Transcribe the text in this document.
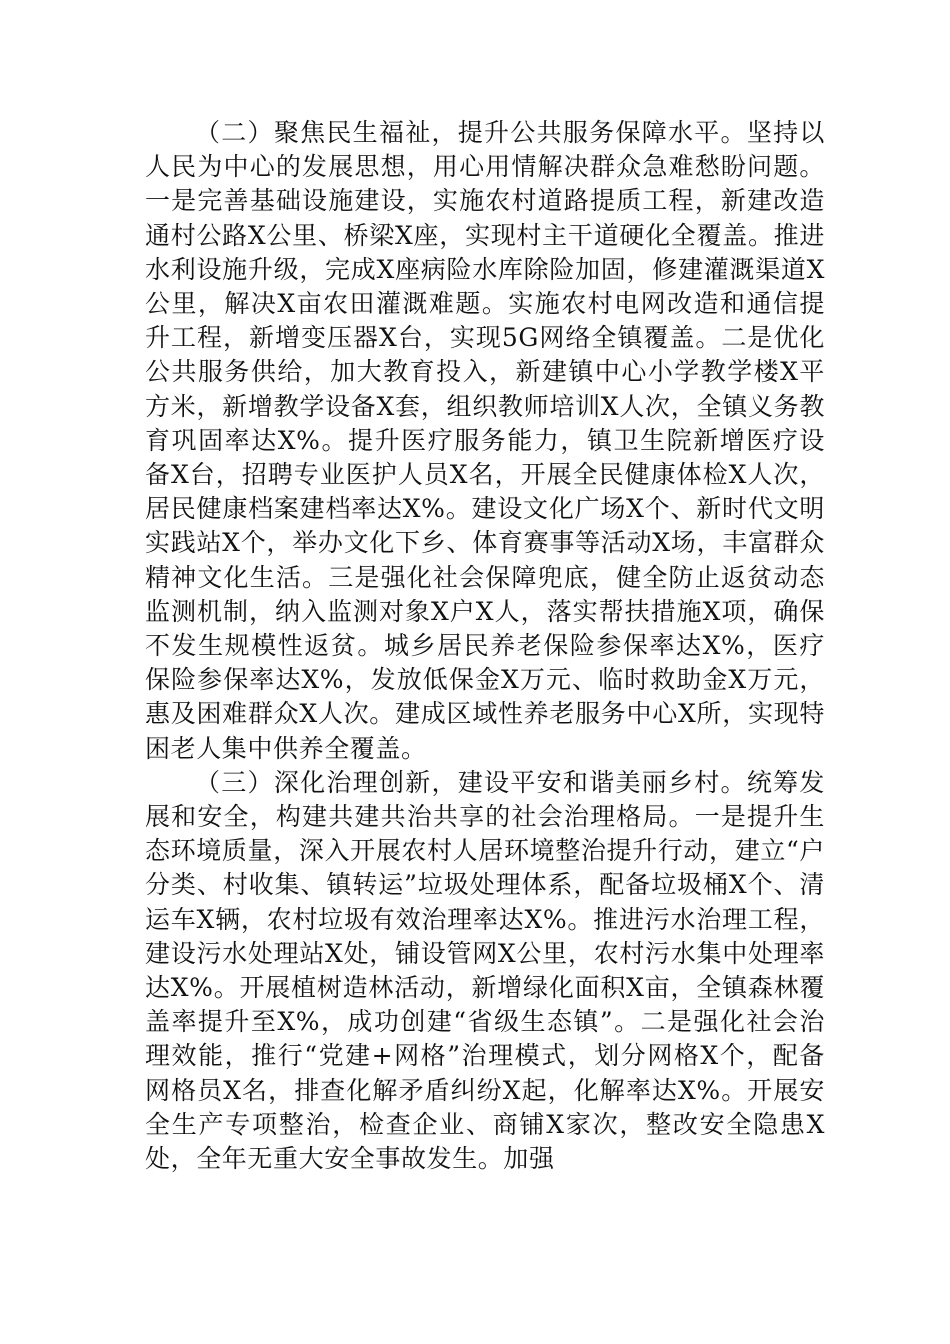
（二）聚焦民生福祉，提升公共服务保障水平。坚持以人民为中心的发展思想，用心用情解决群众急难愁盼问题。一是完善基础设施建设，实施农村道路提质工程，新建改造通村公路X公里、桥梁X座，实现村主干道硬化全覆盖。推进水利设施升级，完成X座病险水库除险加固，修建灌溉渠道X公里，解决X亩农田灌溉难题。实施农村电网改造和通信提升工程，新增变压器X台，实现5G网络全镇覆盖。二是优化公共服务供给，加大教育投入，新建镇中心小学教学楼X平方米，新增教学设备X套，组织教师培训X人次，全镇义务教育巩固率达X%。提升医疗服务能力，镇卫生院新增医疗设备X台，招聘专业医护人员X名，开展全民健康体检X人次，居民健康档案建档率达X%。建设文化广场X个、新时代文明实践站X个，举办文化下乡、体育赛事等活动X场，丰富群众精神文化生活。三是强化社会保障兜底，健全防止返贫动态监测机制，纳入监测对象X户X人，落实帮扶措施X项，确保不发生规模性返贫。城乡居民养老保险参保率达X%，医疗保险参保率达X%，发放低保金X万元、临时救助金X万元，惠及困难群众X人次。建成区域性养老服务中心X所，实现特困老人集中供养全覆盖。

（三）深化治理创新，建设平安和谐美丽乡村。统筹发展和安全，构建共建共治共享的社会治理格局。一是提升生态环境质量，深入开展农村人居环境整治提升行动，建立“户分类、村收集、镇转运”垃圾处理体系，配备垃圾桶X个、清运车X辆，农村垃圾有效治理率达X%。推进污水治理工程，建设污水处理站X处，铺设管网X公里，农村污水集中处理率达X%。开展植树造林活动，新增绿化面积X亩，全镇森林覆盖率提升至X%，成功创建“省级生态镇”。二是强化社会治理效能，推行“党建+网格”治理模式，划分网格X个，配备网格员X名，排查化解矛盾纠纷X起，化解率达X%。开展安全生产专项整治，检查企业、商铺X家次，整改安全隐患X处，全年无重大安全事故发生。加强
